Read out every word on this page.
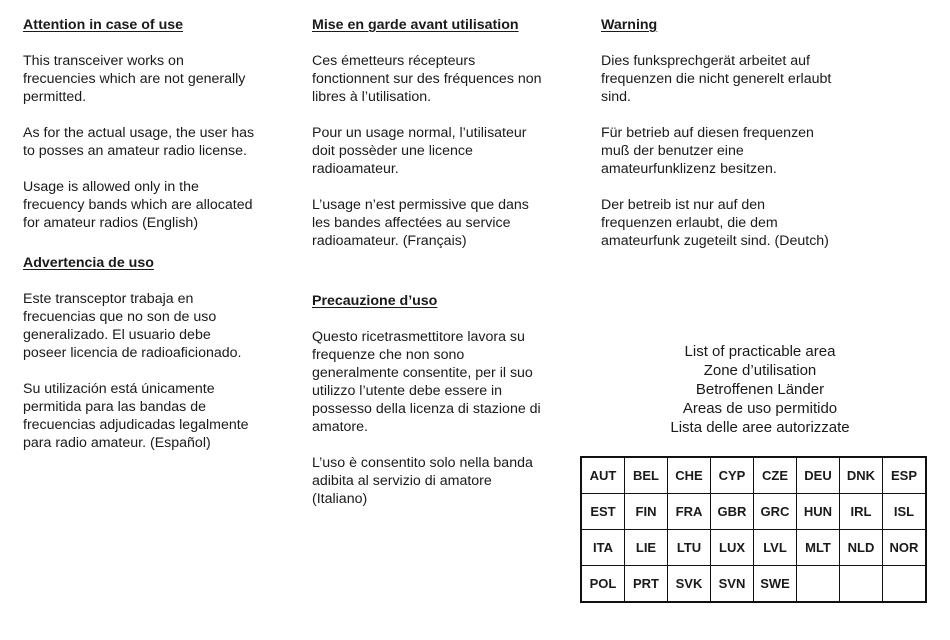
Attention in case of use
This transceiver works on
frecuencies which are not generally
permitted.
As for the actual usage, the user has
to posses an amateur radio license.
Usage is allowed only in the
frecuency bands which are allocated
for amateur radios (English)
Mise en garde avant utilisation
Ces émetteurs récepteurs
fonctionnent sur des fréquences non
libres à l’utilisation.
Pour un usage normal, l’utilisateur
doit possèder une licence
radioamateur.
L’usage n’est permissive que dans
les bandes affectées au service
radioamateur. (Français)
Warning
Dies funksprechgerät arbeitet auf
frequenzen die nicht generelt erlaubt
sind.
Für betrieb auf diesen frequenzen
muß der benutzer eine
amateurfunklizenz besitzen.
Der betreib ist nur auf den
frequenzen erlaubt, die dem
amateurfunk zugeteilt sind. (Deutch)
Advertencia de uso
Este transceptor trabaja en
frecuencias que no son de uso
generalizado. El usuario debe
poseer licencia de radioaficionado.
Su utilización está únicamente
permitida para las bandas de
frecuencias adjudicadas legalmente
para radio amateur. (Español)
Precauzione d’uso
Questo ricetrasmettitore lavora su
frequenze che non sono
generalmente consentite, per il suo
utilizzo l’utente debe essere in
possesso della licenza di stazione di
amatore.
L’uso è consentito solo nella banda
adibita al servizio di amatore
(Italiano)
List of practicable area
Zone d’utilisation
Betroffenen Länder
Areas de uso permitido
Lista delle aree autorizzate
AUT	BEL	CHE	CYP	CZE	DEU	DNK	ESP
EST	FIN	FRA	GBR	GRC	HUN	IRL	ISL
ITA	LIE	LTU	LUX	LVL	MLT	NLD	NOR
POL	PRT	SVK	SVN	SWE			
